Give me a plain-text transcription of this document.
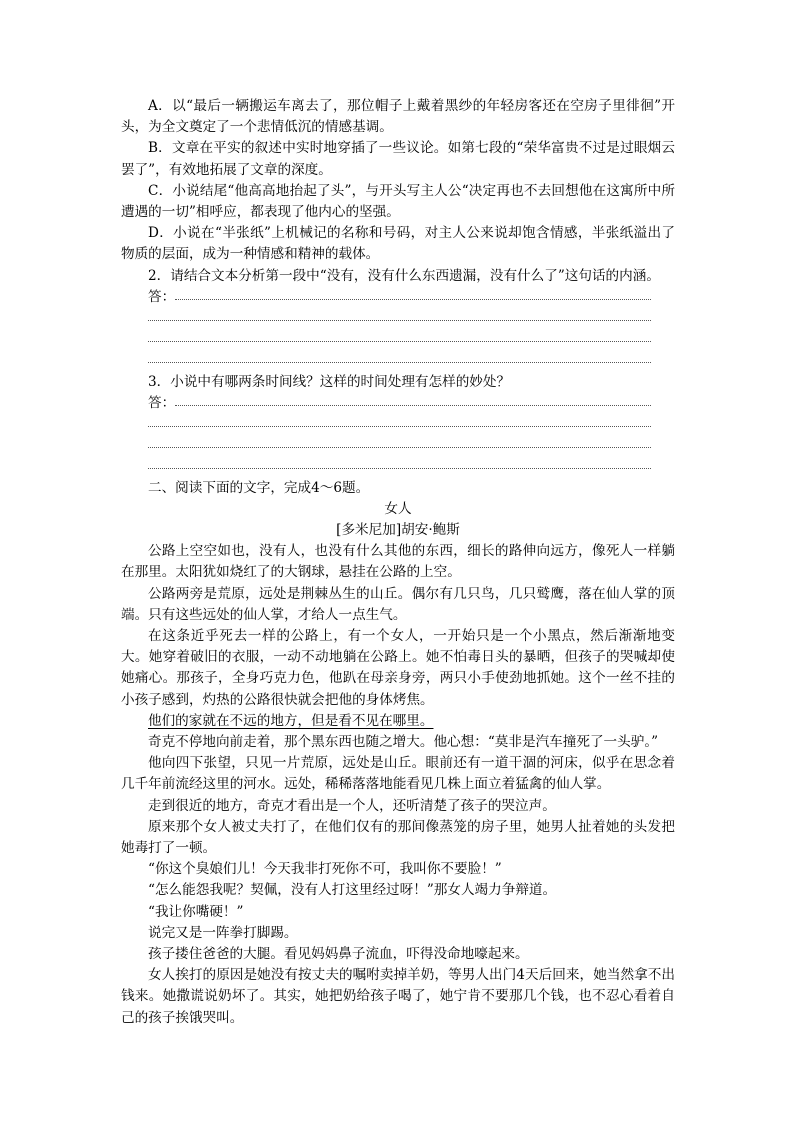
A．以“最后一辆搬运车离去了，那位帽子上戴着黑纱的年轻房客还在空房子里徘徊”开头，为全文奠定了一个悲情低沉的情感基调。

B．文章在平实的叙述中实时地穿插了一些议论。如第七段的“荣华富贵不过是过眼烟云罢了”，有效地拓展了文章的深度。

C．小说结尾“他高高地抬起了头”，与开头写主人公“决定再也不去回想他在这寓所中所遭遇的一切”相呼应，都表现了他内心的坚强。

D．小说在“半张纸”上机械记的名称和号码，对主人公来说却饱含情感，半张纸溢出了物质的层面，成为一种情感和精神的载体。

2．请结合文本分析第一段中“没有，没有什么东西遗漏，没有什么了”这句话的内涵。

答：

3．小说中有哪两条时间线？这样的时间处理有怎样的妙处？

答：

二、阅读下面的文字，完成4～6题。

女人

[多米尼加]胡安·鲍斯

公路上空空如也，没有人，也没有什么其他的东西，细长的路伸向远方，像死人一样躺在那里。太阳犹如烧红了的大钢球，悬挂在公路的上空。

公路两旁是荒原，远处是荆棘丛生的山丘。偶尔有几只鸟，几只鹫鹰，落在仙人掌的顶端。只有这些远处的仙人掌，才给人一点生气。

在这条近乎死去一样的公路上，有一个女人，一开始只是一个小黑点，然后渐渐地变大。她穿着破旧的衣服，一动不动地躺在公路上。她不怕毒日头的暴晒，但孩子的哭喊却使她痛心。那孩子，全身巧克力色，他趴在母亲身旁，两只小手使劲地抓她。这个一丝不挂的小孩子感到，灼热的公路很快就会把他的身体烤焦。

他们的家就在不远的地方，但是看不见在哪里。

奇克不停地向前走着，那个黑东西也随之增大。他心想：“莫非是汽车撞死了一头驴。”

他向四下张望，只见一片荒原，远处是山丘。眼前还有一道干涸的河床，似乎在思念着几千年前流经这里的河水。远处，稀稀落落地能看见几株上面立着猛禽的仙人掌。

走到很近的地方，奇克才看出是一个人，还听清楚了孩子的哭泣声。

原来那个女人被丈夫打了，在他们仅有的那间像蒸笼的房子里，她男人扯着她的头发把她毒打了一顿。

“你这个臭娘们儿！今天我非打死你不可，我叫你不要脸！”

“怎么能怨我呢？契佩，没有人打这里经过呀！”那女人竭力争辩道。

“我让你嘴硬！”

说完又是一阵拳打脚踢。

孩子搂住爸爸的大腿。看见妈妈鼻子流血，吓得没命地嚎起来。

女人挨打的原因是她没有按丈夫的嘱咐卖掉羊奶，等男人出门4天后回来，她当然拿不出钱来。她撒谎说奶坏了。其实，她把奶给孩子喝了，她宁肯不要那几个钱，也不忍心看着自己的孩子挨饿哭叫。
